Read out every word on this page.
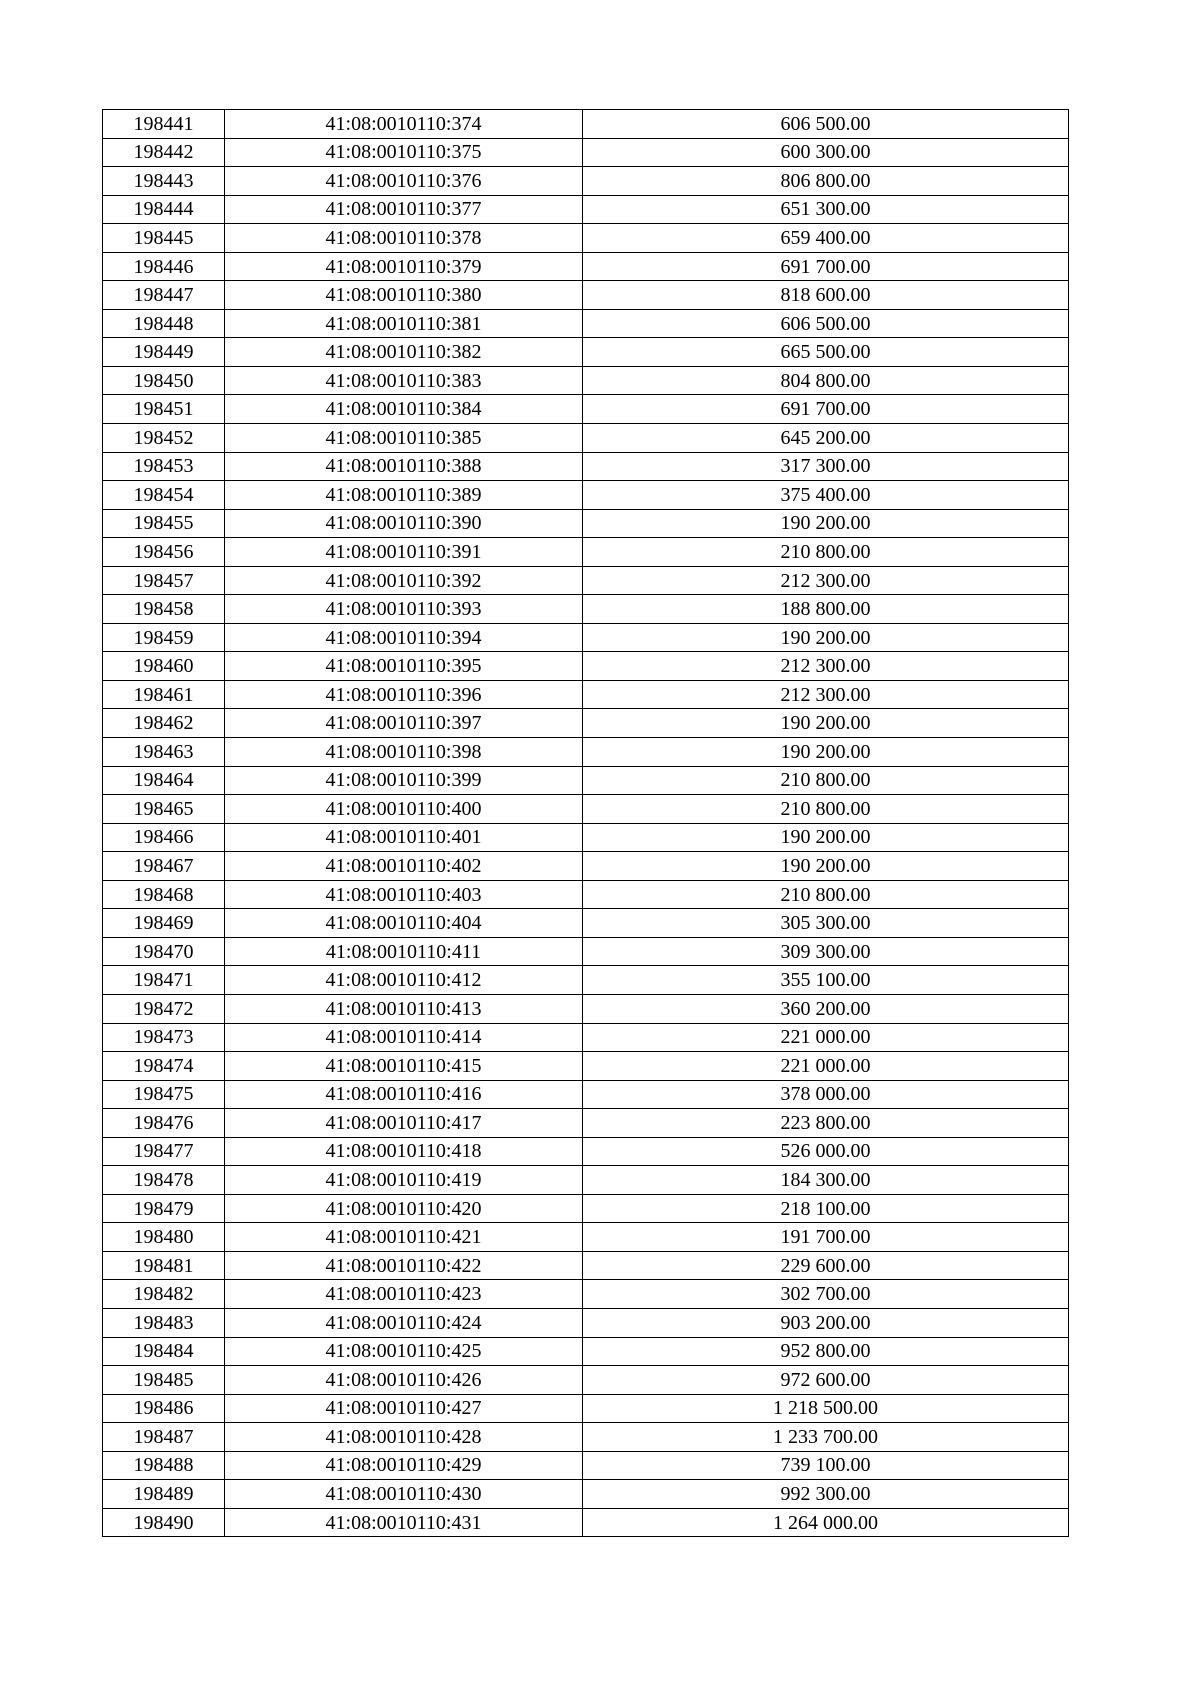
198441	41:08:0010110:374	606 500.00
198442	41:08:0010110:375	600 300.00
198443	41:08:0010110:376	806 800.00
198444	41:08:0010110:377	651 300.00
198445	41:08:0010110:378	659 400.00
198446	41:08:0010110:379	691 700.00
198447	41:08:0010110:380	818 600.00
198448	41:08:0010110:381	606 500.00
198449	41:08:0010110:382	665 500.00
198450	41:08:0010110:383	804 800.00
198451	41:08:0010110:384	691 700.00
198452	41:08:0010110:385	645 200.00
198453	41:08:0010110:388	317 300.00
198454	41:08:0010110:389	375 400.00
198455	41:08:0010110:390	190 200.00
198456	41:08:0010110:391	210 800.00
198457	41:08:0010110:392	212 300.00
198458	41:08:0010110:393	188 800.00
198459	41:08:0010110:394	190 200.00
198460	41:08:0010110:395	212 300.00
198461	41:08:0010110:396	212 300.00
198462	41:08:0010110:397	190 200.00
198463	41:08:0010110:398	190 200.00
198464	41:08:0010110:399	210 800.00
198465	41:08:0010110:400	210 800.00
198466	41:08:0010110:401	190 200.00
198467	41:08:0010110:402	190 200.00
198468	41:08:0010110:403	210 800.00
198469	41:08:0010110:404	305 300.00
198470	41:08:0010110:411	309 300.00
198471	41:08:0010110:412	355 100.00
198472	41:08:0010110:413	360 200.00
198473	41:08:0010110:414	221 000.00
198474	41:08:0010110:415	221 000.00
198475	41:08:0010110:416	378 000.00
198476	41:08:0010110:417	223 800.00
198477	41:08:0010110:418	526 000.00
198478	41:08:0010110:419	184 300.00
198479	41:08:0010110:420	218 100.00
198480	41:08:0010110:421	191 700.00
198481	41:08:0010110:422	229 600.00
198482	41:08:0010110:423	302 700.00
198483	41:08:0010110:424	903 200.00
198484	41:08:0010110:425	952 800.00
198485	41:08:0010110:426	972 600.00
198486	41:08:0010110:427	1 218 500.00
198487	41:08:0010110:428	1 233 700.00
198488	41:08:0010110:429	739 100.00
198489	41:08:0010110:430	992 300.00
198490	41:08:0010110:431	1 264 000.00
